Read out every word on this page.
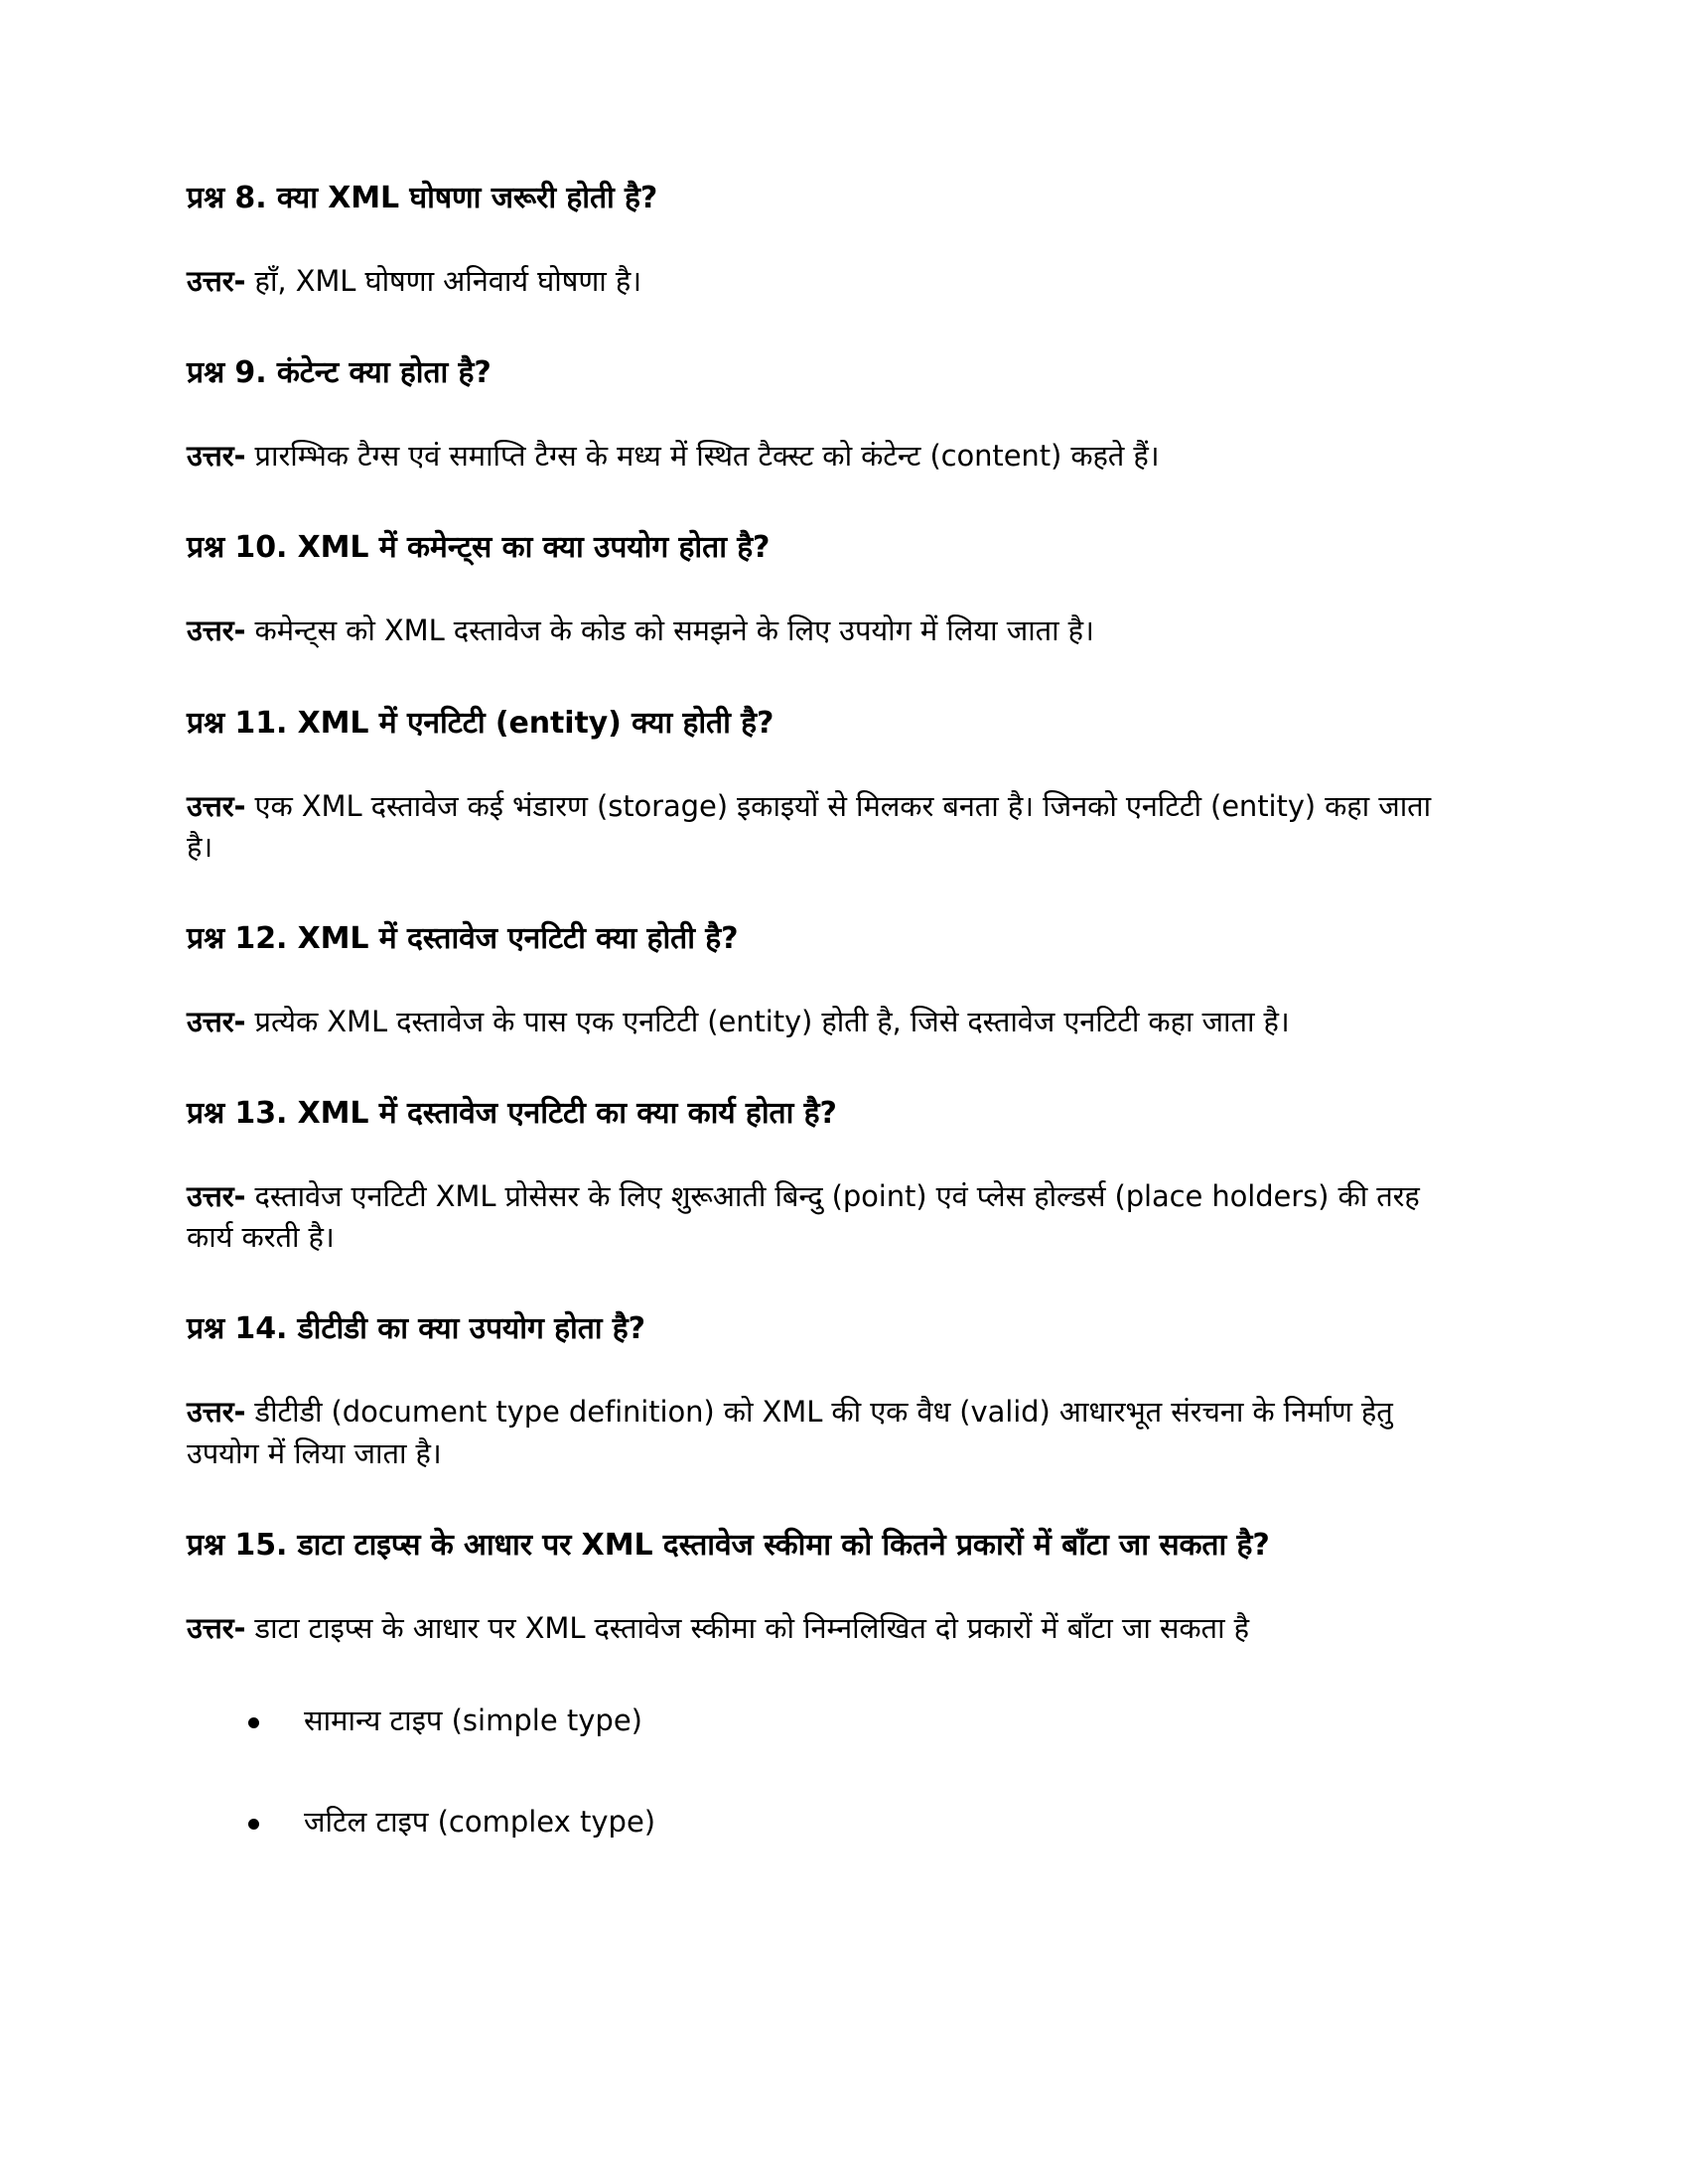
प्रश्न 8. क्या XML घोषणा जरूरी होती है?

उत्तर- हाँ, XML घोषणा अनिवार्य घोषणा है।

प्रश्न 9. कंटेन्ट क्या होता है?

उत्तर- प्रारम्भिक टैग्स एवं समाप्ति टैग्स के मध्य में स्थित टैक्स्ट को कंटेन्ट (content) कहते हैं।

प्रश्न 10. XML में कमेन्ट्स का क्या उपयोग होता है?

उत्तर- कमेन्ट्स को XML दस्तावेज के कोड को समझने के लिए उपयोग में लिया जाता है।

प्रश्न 11. XML में एनटिटी (entity) क्या होती है?

उत्तर- एक XML दस्तावेज कई भंडारण (storage) इकाइयों से मिलकर बनता है। जिनको एनटिटी (entity) कहा जाता है।

प्रश्न 12. XML में दस्तावेज एनटिटी क्या होती है?

उत्तर- प्रत्येक XML दस्तावेज के पास एक एनटिटी (entity) होती है, जिसे दस्तावेज एनटिटी कहा जाता है।

प्रश्न 13. XML में दस्तावेज एनटिटी का क्या कार्य होता है?

उत्तर- दस्तावेज एनटिटी XML प्रोसेसर के लिए शुरूआती बिन्दु (point) एवं प्लेस होल्डर्स (place holders) की तरह कार्य करती है।

प्रश्न 14. डीटीडी का क्या उपयोग होता है?

उत्तर- डीटीडी (document type definition) को XML की एक वैध (valid) आधारभूत संरचना के निर्माण हेतु उपयोग में लिया जाता है।

प्रश्न 15. डाटा टाइप्स के आधार पर XML दस्तावेज स्कीमा को कितने प्रकारों में बाँटा जा सकता है?

उत्तर- डाटा टाइप्स के आधार पर XML दस्तावेज स्कीमा को निम्नलिखित दो प्रकारों में बाँटा जा सकता है

सामान्य टाइप (simple type)
जटिल टाइप (complex type)
